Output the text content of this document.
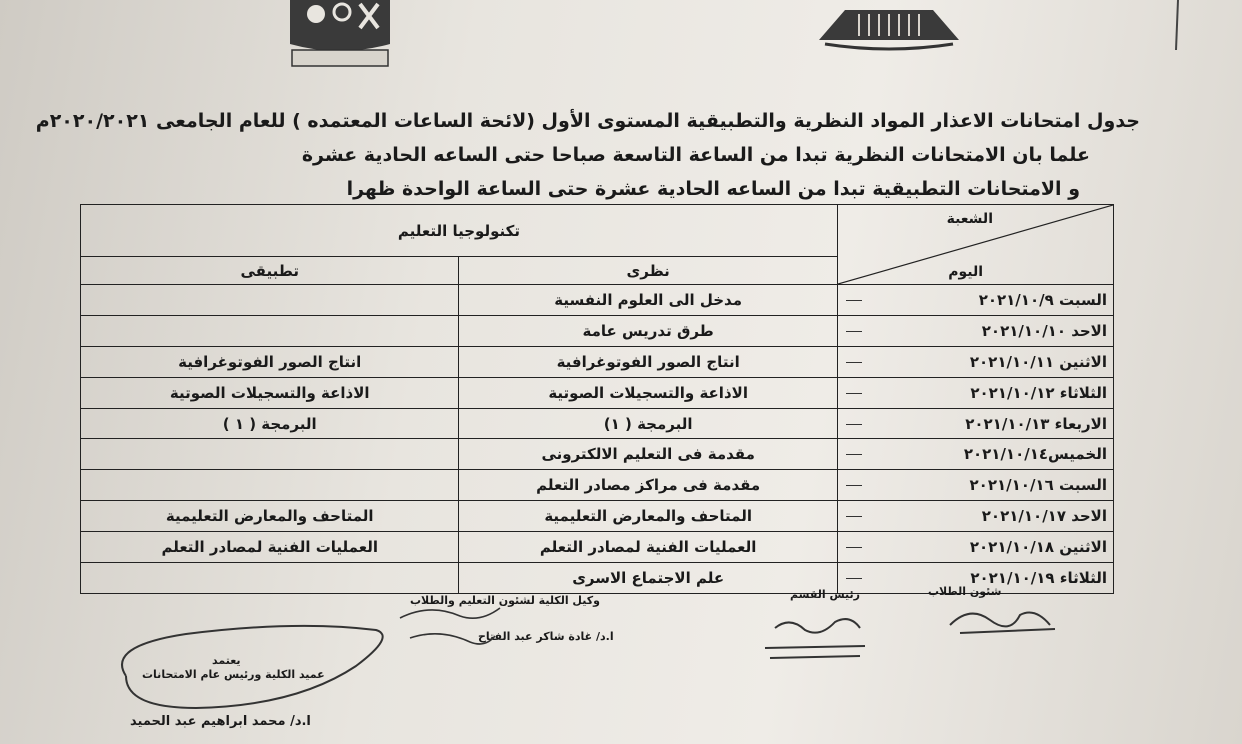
جدول امتحانات الاعذار المواد النظرية والتطبيقية المستوى الأول (لائحة الساعات المعتمده ) للعام الجامعى ٢٠٢٠/٢٠٢١م

علما بان الامتحانات النظرية تبدا من الساعة التاسعة صباحا حتى الساعه الحادية عشرة

و الامتحانات التطبيقية تبدا من الساعه الحادية عشرة حتى الساعة الواحدة ظهرا

الشعبة
اليوم	تكنولوجيا التعليم	
	نظرى	تطبيقى
السبت ٢٠٢١/١٠/٩	مدخل الى العلوم النفسية	
الاحد ٢٠٢١/١٠/١٠	طرق تدريس عامة	
الاثنين ٢٠٢١/١٠/١١	انتاج الصور الفوتوغرافية	انتاج الصور الفوتوغرافية
الثلاثاء ٢٠٢١/١٠/١٢	الاذاعة والتسجيلات الصوتية	الاذاعة والتسجيلات الصوتية
الاربعاء ٢٠٢١/١٠/١٣	البرمجة ( ١)	البرمجة ( ١ )
الخميس٢٠٢١/١٠/١٤	مقدمة فى التعليم الالكترونى	
السبت ٢٠٢١/١٠/١٦	مقدمة فى مراكز مصادر التعلم	
الاحد ٢٠٢١/١٠/١٧	المتاحف والمعارض التعليمية	المتاحف والمعارض التعليمية
الاثنين ٢٠٢١/١٠/١٨	العمليات الفنية لمصادر التعلم	العمليات الفنية لمصادر التعلم
الثلاثاء ٢٠٢١/١٠/١٩	علم الاجتماع الاسرى	
شئون الطلاب
رئيس القسم
وكيل الكلية لشئون التعليم والطلاب
ا.د/ غادة شاكر عبد الفتاح
يعتمد
عميد الكلية ورئيس عام الامتحانات
ا.د/ محمد ابراهيم عبد الحميد
